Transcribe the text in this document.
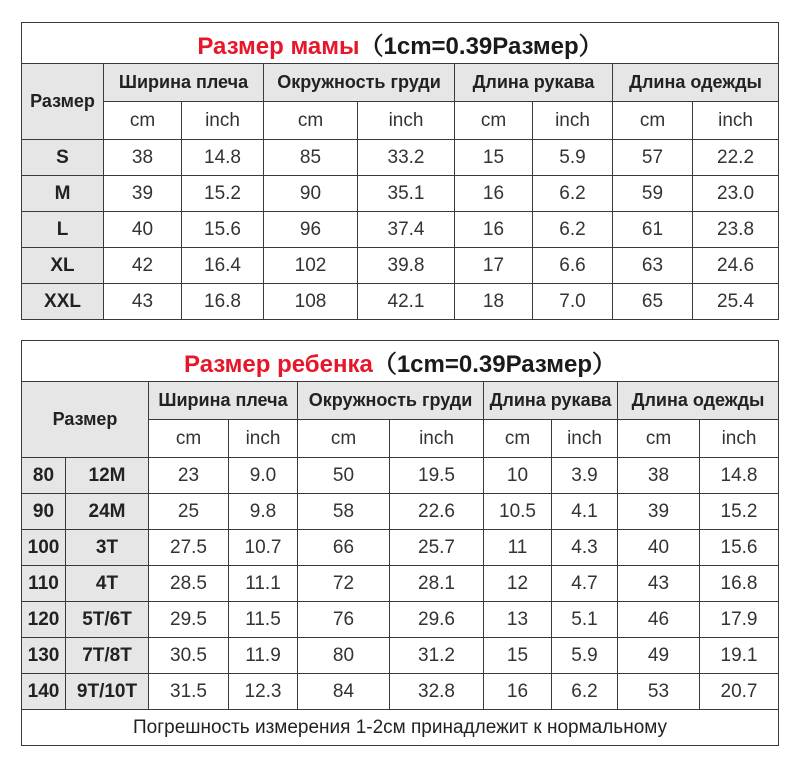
Размер мамы（1cm=0.39Размер）								
Размер	Ширина плеча		Окружность груди		Длина рукава		Длина одежды	
	cm	inch	cm	inch	cm	inch	cm	inch
S	38	14.8	85	33.2	15	5.9	57	22.2
M	39	15.2	90	35.1	16	6.2	59	23.0
L	40	15.6	96	37.4	16	6.2	61	23.8
XL	42	16.4	102	39.8	17	6.6	63	24.6
XXL	43	16.8	108	42.1	18	7.0	65	25.4
Размер ребенка（1cm=0.39Размер）									
Размер		Ширина плеча		Окружность груди		Длина рукава		Длина одежды	
		cm	inch	cm	inch	cm	inch	cm	inch
80	12M	23	9.0	50	19.5	10	3.9	38	14.8
90	24M	25	9.8	58	22.6	10.5	4.1	39	15.2
100	3T	27.5	10.7	66	25.7	11	4.3	40	15.6
110	4T	28.5	11.1	72	28.1	12	4.7	43	16.8
120	5T/6T	29.5	11.5	76	29.6	13	5.1	46	17.9
130	7T/8T	30.5	11.9	80	31.2	15	5.9	49	19.1
140	9T/10T	31.5	12.3	84	32.8	16	6.2	53	20.7
Погрешность измерения 1-2см принадлежит к нормальному									
